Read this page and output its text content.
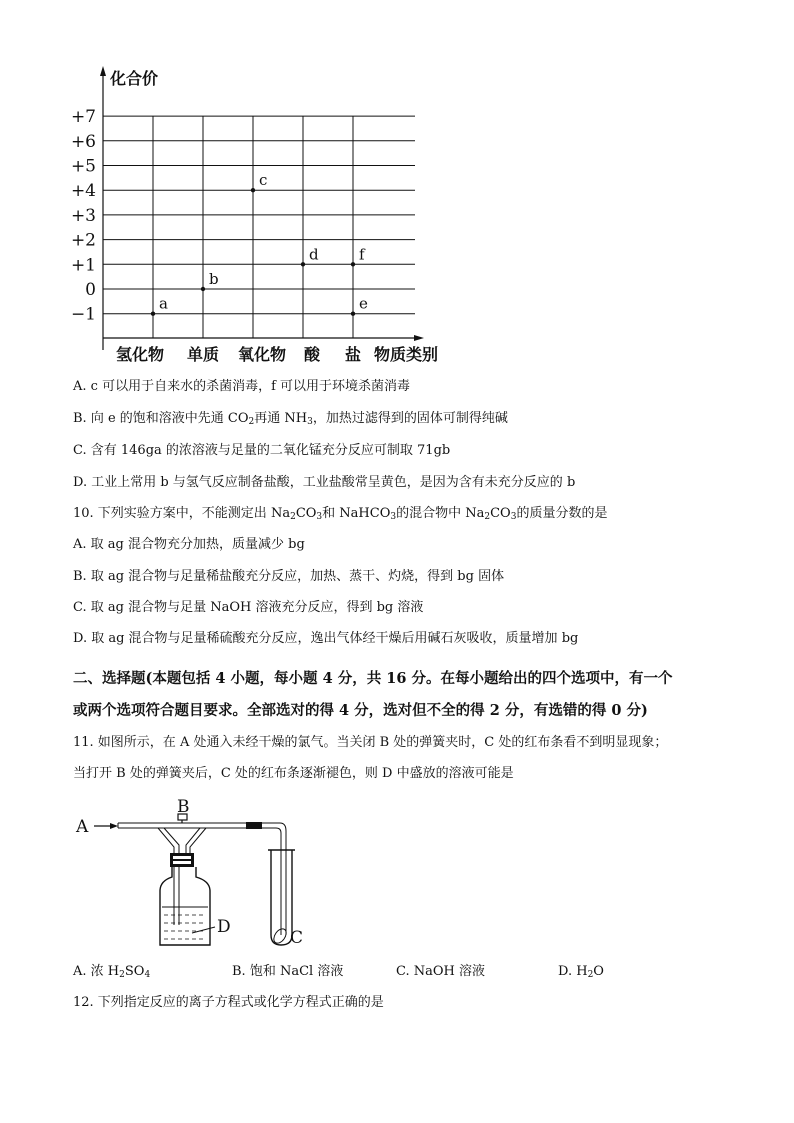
化合价
物质类别
+7
+6
+5
+4
+3
+2
+1
0
−1
氢化物 单质 氧化物 酸 盐
a
b
c
d	f
e
A. c 可以用于自来水的杀菌消毒，f 可以用于环境杀菌消毒
B. 向 e 的饱和溶液中先通 $CO_2$再通 $NH_3$，加热过滤得到的固体可制得纯碱
C. 含有 146ga 的浓溶液与足量的二氧化锰充分反应可制取 71gb
D. 工业上常用 b 与氢气反应制备盐酸，工业盐酸常呈黄色，是因为含有未充分反应的 b
10. 下列实验方案中，不能测定出 $Na_2CO_3$和 NaHCO$_3$的混合物中 $Na_2CO_3$的质量分数的是
A. 取 ag 混合物充分加热，质量减少 bg
B. 取 ag 混合物与足量稀盐酸充分反应，加热、蒸干、灼烧，得到 bg 固体
C. 取 ag 混合物与足量 NaOH 溶液充分反应，得到 bg 溶液
D. 取 ag 混合物与足量稀硫酸充分反应，逸出气体经干燥后用碱石灰吸收，质量增加 bg
二、选择题(本题包括 4 小题，每小题 4 分，共 16 分。在每小题给出的四个选项中，有一个
或两个选项符合题目要求。全部选对的得 4 分，选对但不全的得 2 分，有选错的得 0 分)
11. 如图所示，在 A 处通入未经干燥的氯气。当关闭 B 处的弹簧夹时，C 处的红布条看不到明显现象；
当打开 B 处的弹簧夹后，C 处的红布条逐渐褪色，则 D 中盛放的溶液可能是
A
B
D
C
A. 浓 $H_2SO_4$	B. 饱和 NaCl 溶液	C. NaOH 溶液	D. $H_2O$
12. 下列指定反应的离子方程式或化学方程式正确的是
